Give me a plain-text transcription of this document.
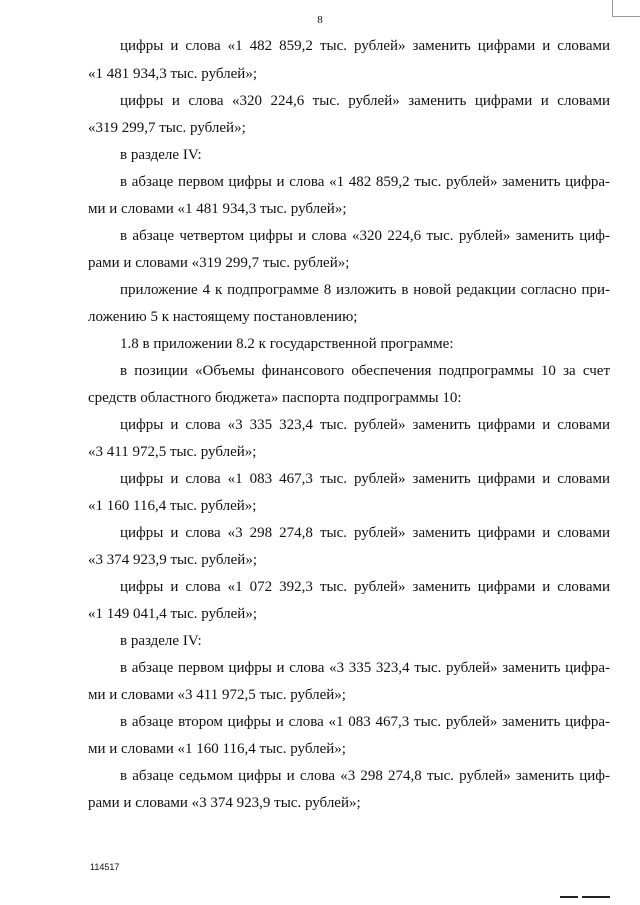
8
цифры и слова «1 482 859,2 тыс. рублей» заменить цифрами и словами
«1 481 934,3 тыс. рублей»;
цифры и слова «320 224,6 тыс. рублей» заменить цифрами и словами
«319 299,7 тыс. рублей»;
в разделе IV:
в абзаце первом цифры и слова «1 482 859,2 тыс. рублей» заменить цифра-
ми и словами «1 481 934,3 тыс. рублей»;
в абзаце четвертом цифры и слова «320 224,6 тыс. рублей» заменить циф-
рами и словами «319 299,7 тыс. рублей»;
приложение 4 к подпрограмме 8 изложить в новой редакции согласно при-
ложению 5 к настоящему постановлению;
1.8 в приложении 8.2 к государственной программе:
в позиции «Объемы финансового обеспечения подпрограммы 10 за счет
средств областного бюджета» паспорта подпрограммы 10:
цифры и слова «3 335 323,4 тыс. рублей» заменить цифрами и словами
«3 411 972,5 тыс. рублей»;
цифры и слова «1 083 467,3 тыс. рублей» заменить цифрами и словами
«1 160 116,4 тыс. рублей»;
цифры и слова «3 298 274,8 тыс. рублей» заменить цифрами и словами
«3 374 923,9 тыс. рублей»;
цифры и слова «1 072 392,3 тыс. рублей» заменить цифрами и словами
«1 149 041,4 тыс. рублей»;
в разделе IV:
в абзаце первом цифры и слова «3 335 323,4 тыс. рублей» заменить цифра-
ми и словами «3 411 972,5 тыс. рублей»;
в абзаце втором цифры и слова «1 083 467,3 тыс. рублей» заменить цифра-
ми и словами «1 160 116,4 тыс. рублей»;
в абзаце седьмом цифры и слова «3 298 274,8 тыс. рублей» заменить циф-
рами и словами «3 374 923,9 тыс. рублей»;
114517
